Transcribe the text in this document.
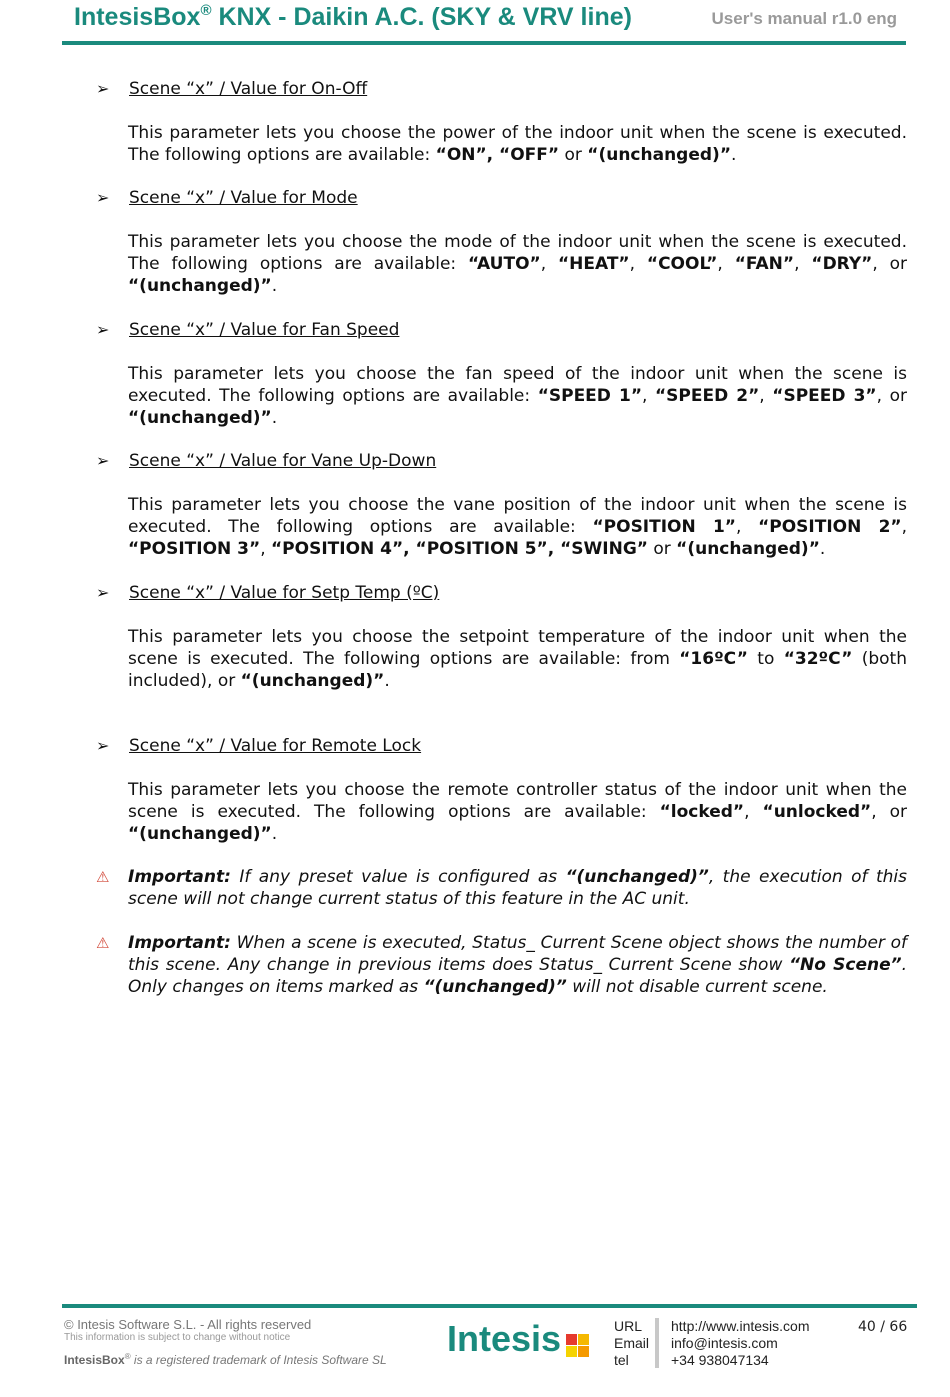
IntesisBox® KNX - Daikin A.C. (SKY & VRV line)	User's manual r1.0 eng
➢ Scene “x” / Value for On-Off
This parameter lets you choose the power of the indoor unit when the scene is executed. The following options are available: “ON”, “OFF” or “(unchanged)”.
➢ Scene “x” / Value for Mode
This parameter lets you choose the mode of the indoor unit when the scene is executed. The following options are available: “AUTO”, “HEAT”, “COOL”, “FAN”, “DRY”, or “(unchanged)”.
➢ Scene “x” / Value for Fan Speed
This parameter lets you choose the fan speed of the indoor unit when the scene is executed. The following options are available: “SPEED 1”, “SPEED 2”, “SPEED 3”, or “(unchanged)”.
➢ Scene “x” / Value for Vane Up-Down
This parameter lets you choose the vane position of the indoor unit when the scene is executed. The following options are available: “POSITION 1”, “POSITION 2”, “POSITION 3”, “POSITION 4”, “POSITION 5”, “SWING” or “(unchanged)”.
➢ Scene “x” / Value for Setp Temp (ºC)
This parameter lets you choose the setpoint temperature of the indoor unit when the scene is executed. The following options are available: from “16ºC” to “32ºC” (both included), or “(unchanged)”.
➢ Scene “x” / Value for Remote Lock
This parameter lets you choose the remote controller status of the indoor unit when the scene is executed. The following options are available: “locked”, “unlocked”, or “(unchanged)”.
⚠ Important: If any preset value is configured as “(unchanged)”, the execution of this scene will not change current status of this feature in the AC unit.
⚠ Important: When a scene is executed, Status_ Current Scene object shows the number of this scene. Any change in previous items does Status_ Current Scene show “No Scene”. Only changes on items marked as “(unchanged)” will not disable current scene.
© Intesis Software S.L. - All rights reserved
This information is subject to change without notice
IntesisBox® is a registered trademark of Intesis Software SL
Intesis	URL
Email
tel
http://www.intesis.com
info@intesis.com
+34 938047134
40 / 66
